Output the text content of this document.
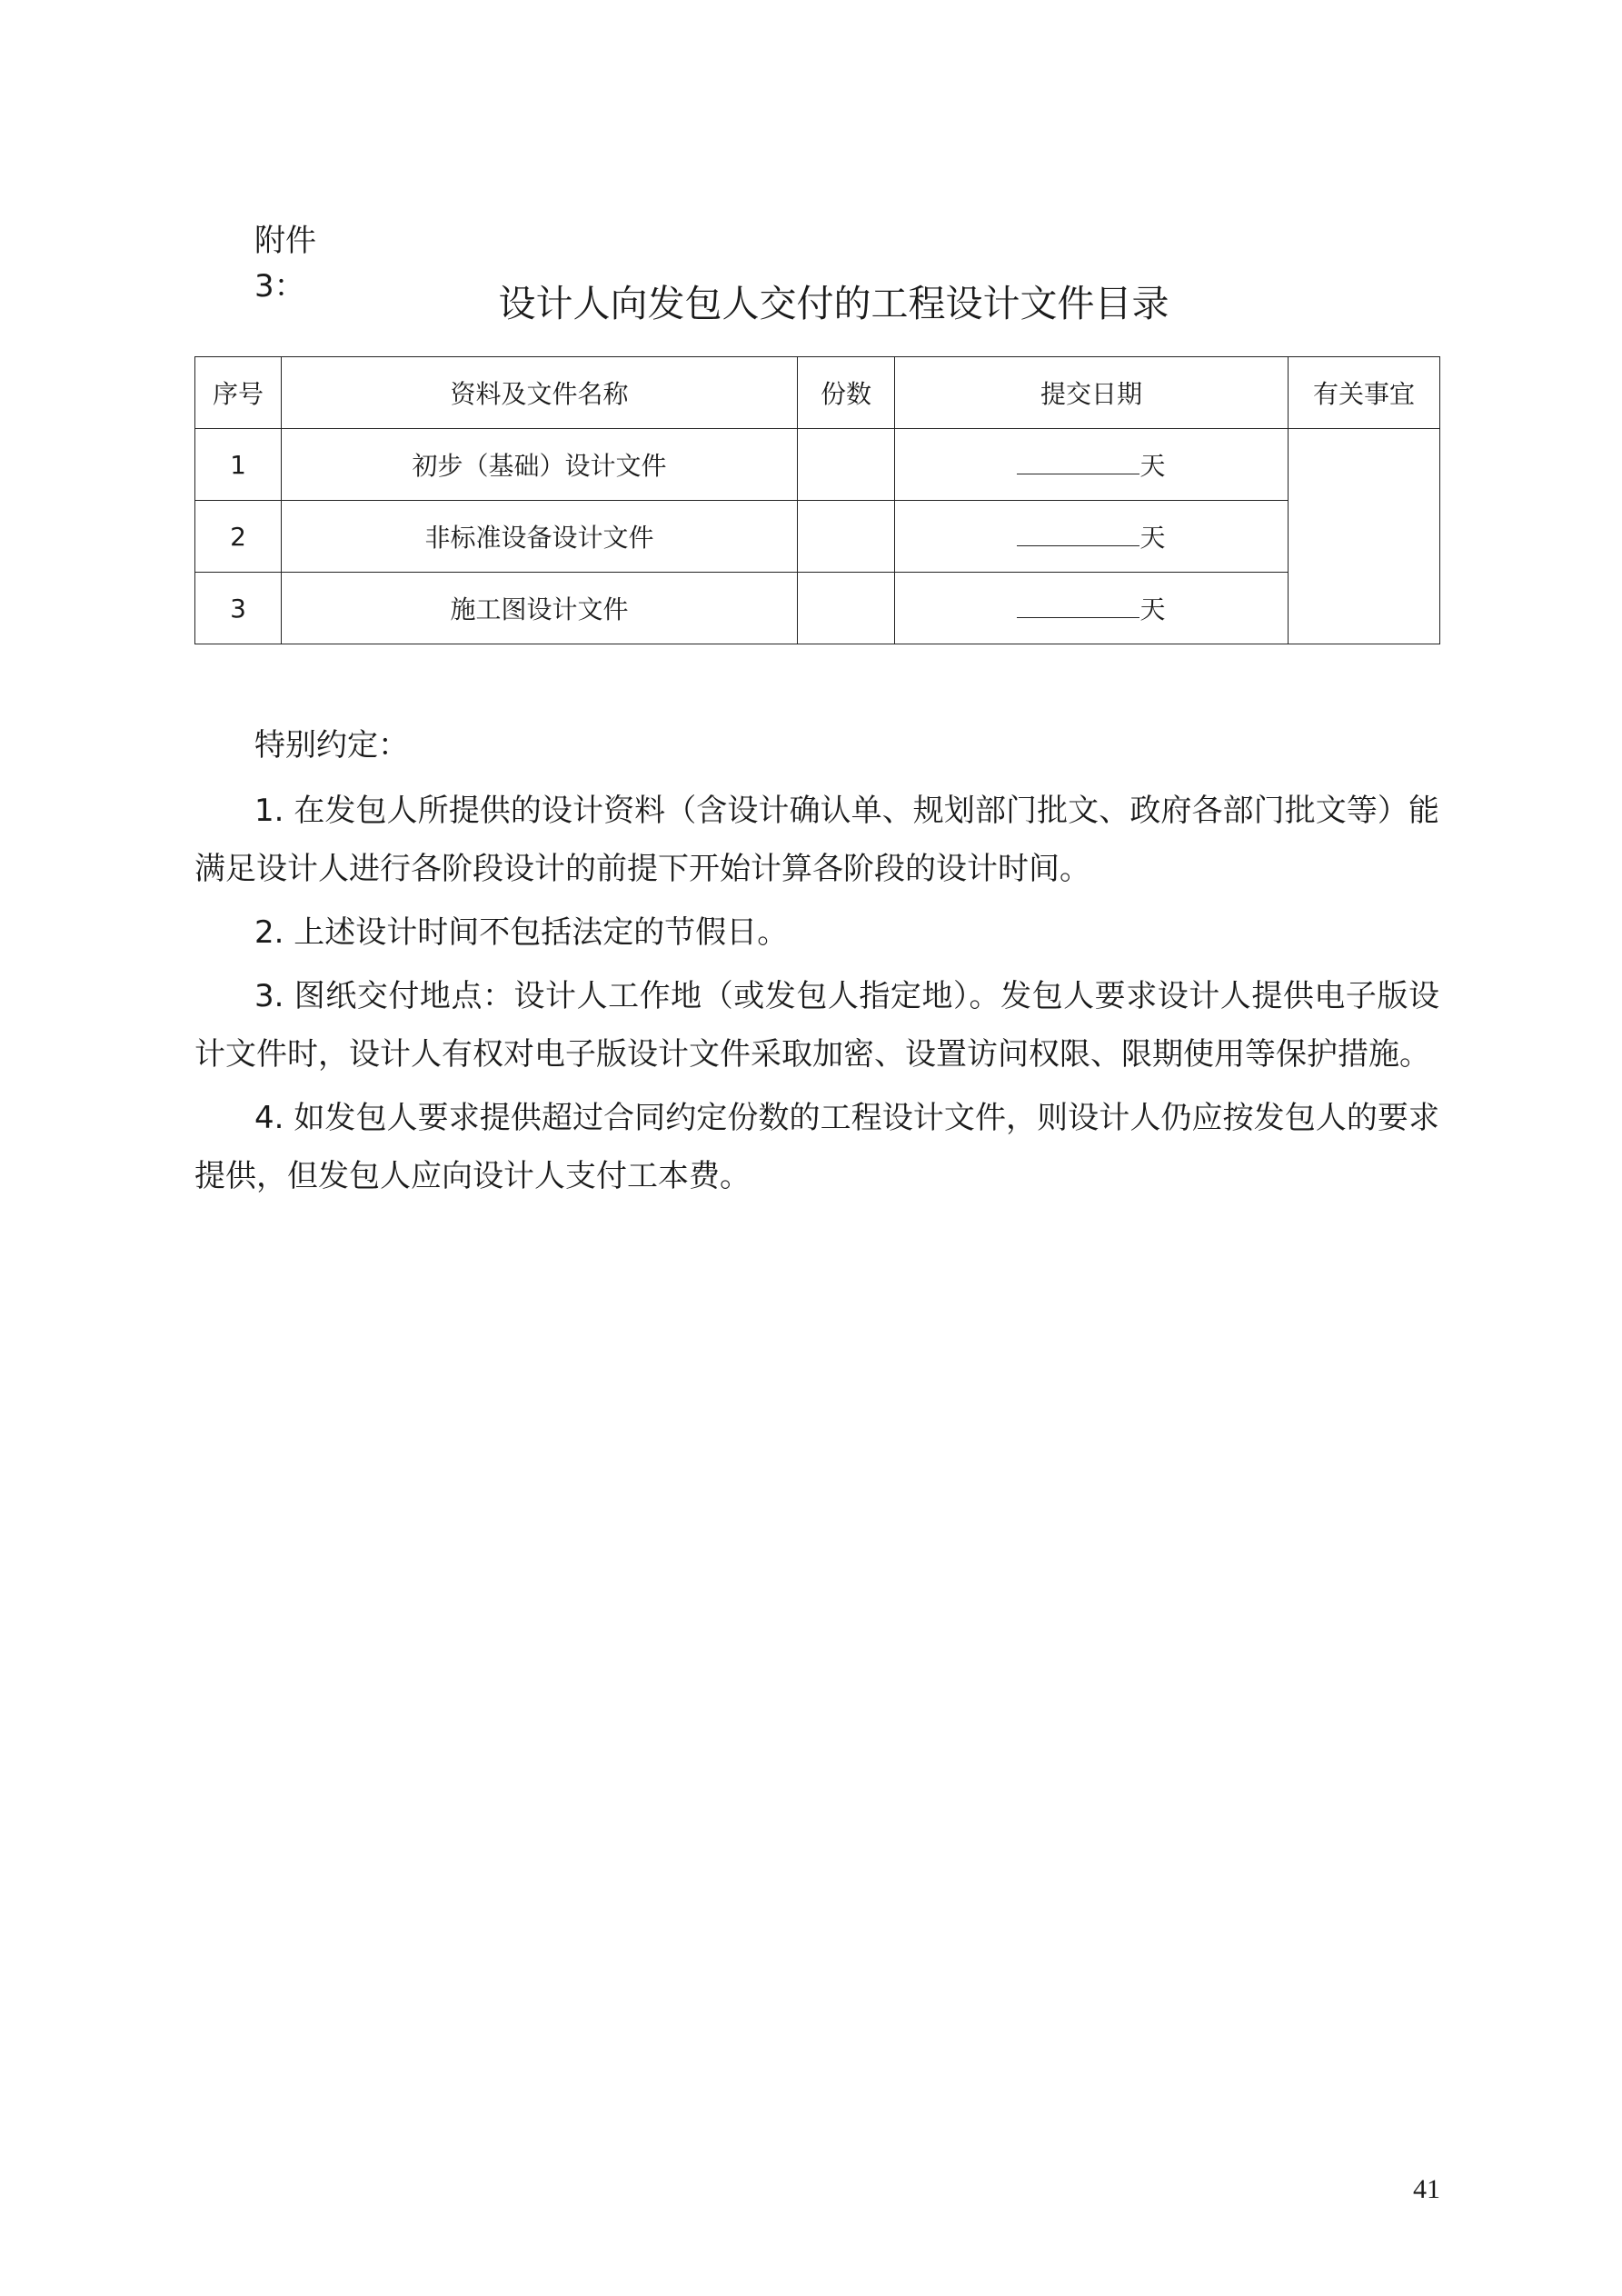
附件
3：	设计人向发包人交付的工程设计文件目录
序号	资料及文件名称	份数	提交日期	有关事宜
1	初步（基础）设计文件		天	
2	非标准设备设计文件		天	
3	施工图设计文件		天	
特别约定：

1. 在发包人所提供的设计资料（含设计确认单、规划部门批文、政府各部门批文等）能满足设计人进行各阶段设计的前提下开始计算各阶段的设计时间。

2. 上述设计时间不包括法定的节假日。

3. 图纸交付地点：设计人工作地（或发包人指定地）。发包人要求设计人提供电子版设计文件时，设计人有权对电子版设计文件采取加密、设置访问权限、限期使用等保护措施。

4. 如发包人要求提供超过合同约定份数的工程设计文件，则设计人仍应按发包人的要求提供，但发包人应向设计人支付工本费。

41
